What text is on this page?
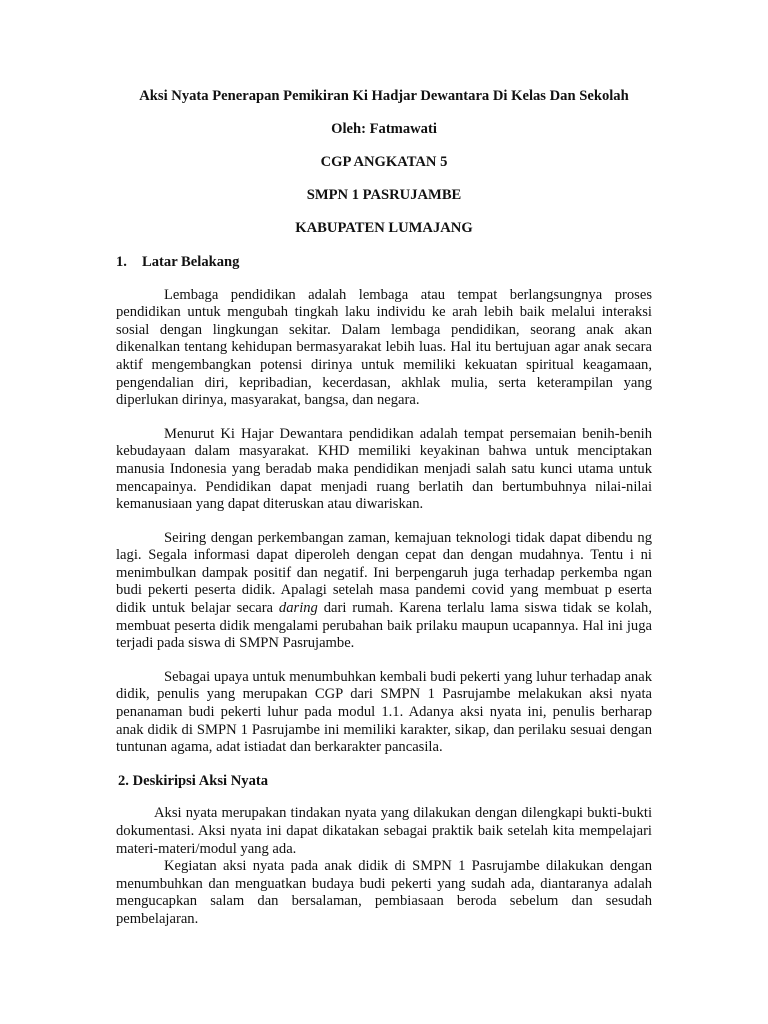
Aksi Nyata Penerapan Pemikiran Ki Hadjar Dewantara Di Kelas Dan Sekolah

Oleh: Fatmawati

CGP ANGKATAN 5

SMPN 1 PASRUJAMBE

KABUPATEN LUMAJANG

1. Latar Belakang

Lembaga pendidikan adalah lembaga atau tempat berlangsungnya proses pendidikan untuk mengubah tingkah laku individu ke arah lebih baik melalui interaksi sosial dengan lingkungan sekitar. Dalam lembaga pendidikan, seorang anak akan dikenalkan tentang kehidupan bermasyarakat lebih luas. Hal itu bertujuan agar anak secara aktif mengembangkan potensi dirinya untuk memiliki kekuatan spiritual keagamaan, pengendalian diri, kepribadian, kecerdasan, akhlak mulia, serta keterampilan yang diperlukan dirinya, masyarakat, bangsa, dan negara.

Menurut Ki Hajar Dewantara pendidikan adalah tempat persemaian benih-benih kebudayaan dalam masyarakat. KHD memiliki keyakinan bahwa untuk menciptakan manusia Indonesia yang beradab maka pendidikan menjadi salah satu kunci utama untuk mencapainya. Pendidikan dapat menjadi ruang berlatih dan bertumbuhnya nilai-nilai kemanusiaan yang dapat diteruskan atau diwariskan.

Seiring dengan perkembangan zaman, kemajuan teknologi tidak dapat dibendu ng lagi. Segala informasi dapat diperoleh dengan cepat dan dengan mudahnya. Tentu i ni menimbulkan dampak positif dan negatif. Ini berpengaruh juga terhadap perkemba ngan budi pekerti peserta didik. Apalagi setelah masa pandemi covid yang membuat p eserta didik untuk belajar secara daring dari rumah. Karena terlalu lama siswa tidak se kolah, membuat peserta didik mengalami perubahan baik prilaku maupun ucapannya. Hal ini juga terjadi pada siswa di SMPN Pasrujambe.

Sebagai upaya untuk menumbuhkan kembali budi pekerti yang luhur terhadap anak didik, penulis yang merupakan CGP dari SMPN 1 Pasrujambe melakukan aksi nyata penanaman budi pekerti luhur pada modul 1.1. Adanya aksi nyata ini, penulis berharap anak didik di SMPN 1 Pasrujambe ini memiliki karakter, sikap, dan perilaku sesuai dengan tuntunan agama, adat istiadat dan berkarakter pancasila.

2. Deskiripsi Aksi Nyata

Aksi nyata merupakan tindakan nyata yang dilakukan dengan dilengkapi bukti-bukti dokumentasi. Aksi nyata ini dapat dikatakan sebagai praktik baik setelah kita mempelajari materi-materi/modul yang ada.

Kegiatan aksi nyata pada anak didik di SMPN 1 Pasrujambe dilakukan dengan menumbuhkan dan menguatkan budaya budi pekerti yang sudah ada, diantaranya adalah mengucapkan salam dan bersalaman, pembiasaan beroda sebelum dan sesudah pembelajaran.
